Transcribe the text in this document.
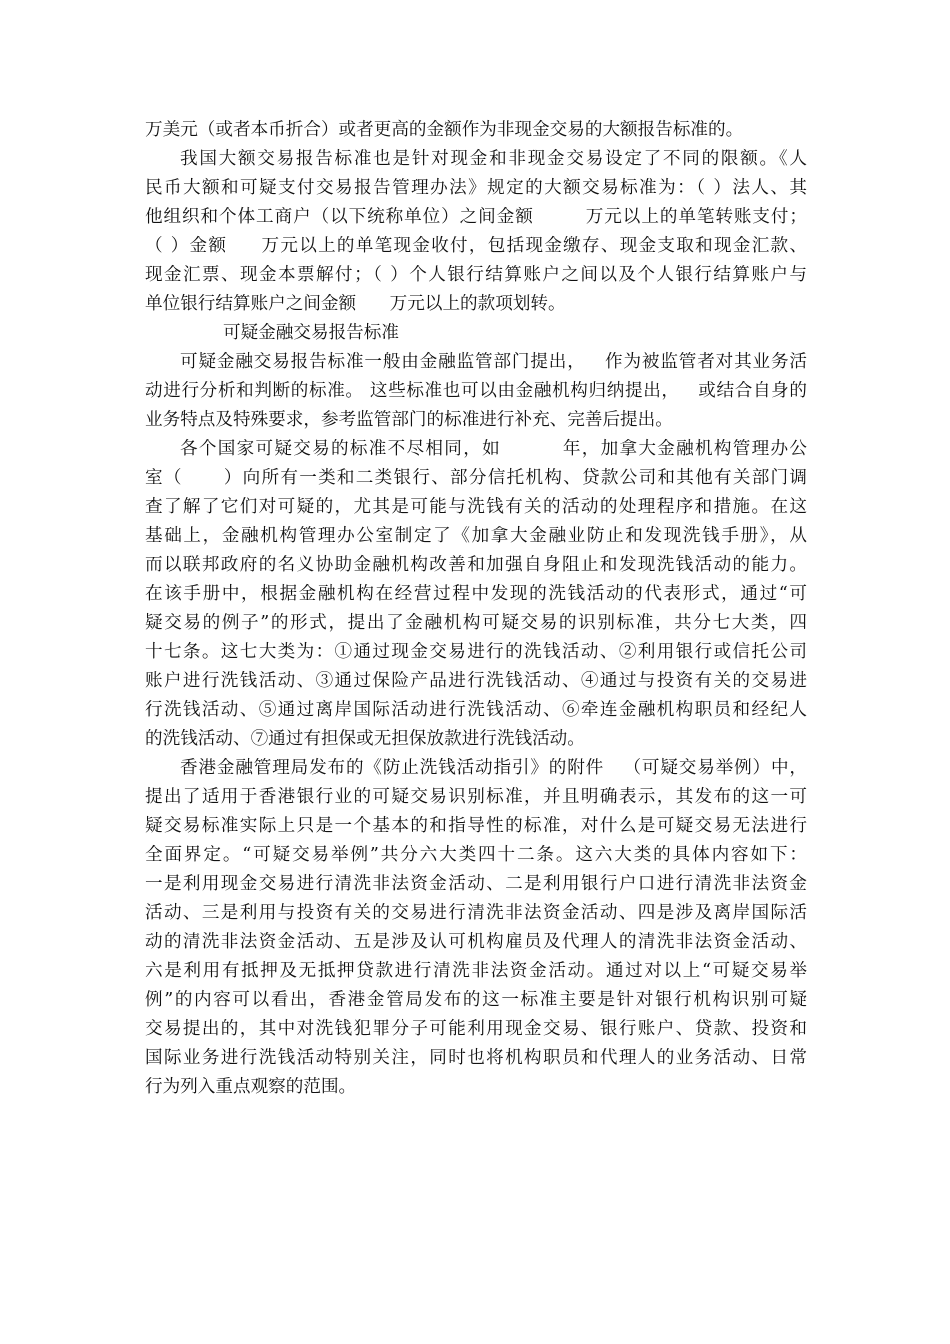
万美元（或者本币折合）或者更高的金额作为非现金交易的大额报告标准的。
我国大额交易报告标准也是针对现金和非现金交易设定了不同的限额。《人
民币大额和可疑支付交易报告管理办法》规定的大额交易标准为：（ ）法人、其
他组织和个体工商户（以下统称单位）之间金额        万元以上的单笔转账支付；
（ ）金额     万元以上的单笔现金收付，包括现金缴存、现金支取和现金汇款、
现金汇票、现金本票解付；（ ）个人银行结算账户之间以及个人银行结算账户与
单位银行结算账户之间金额      万元以上的款项划转。
可疑金融交易报告标准
可疑金融交易报告标准一般由金融监管部门提出，   作为被监管者对其业务活
动进行分析和判断的标准。 这些标准也可以由金融机构归纳提出，   或结合自身的
业务特点及特殊要求，参考监管部门的标准进行补充、完善后提出。
各个国家可疑交易的标准不尽相同，如         年，加拿大金融机构管理办公
室（      ）向所有一类和二类银行、部分信托机构、贷款公司和其他有关部门调
查了解了它们对可疑的，尤其是可能与洗钱有关的活动的处理程序和措施。在这
基础上，金融机构管理办公室制定了《加拿大金融业防止和发现洗钱手册》，从
而以联邦政府的名义协助金融机构改善和加强自身阻止和发现洗钱活动的能力。
在该手册中，根据金融机构在经营过程中发现的洗钱活动的代表形式，通过“可
疑交易的例子”的形式，提出了金融机构可疑交易的识别标准，共分七大类，四
十七条。这七大类为：①通过现金交易进行的洗钱活动、②利用银行或信托公司
账户进行洗钱活动、③通过保险产品进行洗钱活动、④通过与投资有关的交易进
行洗钱活动、⑤通过离岸国际活动进行洗钱活动、⑥牵连金融机构职员和经纪人
的洗钱活动、⑦通过有担保或无担保放款进行洗钱活动。
香港金融管理局发布的《防止洗钱活动指引》的附件   （可疑交易举例）中，
提出了适用于香港银行业的可疑交易识别标准，并且明确表示，其发布的这一可
疑交易标准实际上只是一个基本的和指导性的标准，对什么是可疑交易无法进行
全面界定。“可疑交易举例”共分六大类四十二条。这六大类的具体内容如下：
一是利用现金交易进行清洗非法资金活动、二是利用银行户口进行清洗非法资金
活动、三是利用与投资有关的交易进行清洗非法资金活动、四是涉及离岸国际活
动的清洗非法资金活动、五是涉及认可机构雇员及代理人的清洗非法资金活动、
六是利用有抵押及无抵押贷款进行清洗非法资金活动。通过对以上“可疑交易举
例”的内容可以看出，香港金管局发布的这一标准主要是针对银行机构识别可疑
交易提出的，其中对洗钱犯罪分子可能利用现金交易、银行账户、贷款、投资和
国际业务进行洗钱活动特别关注，同时也将机构职员和代理人的业务活动、日常
行为列入重点观察的范围。
